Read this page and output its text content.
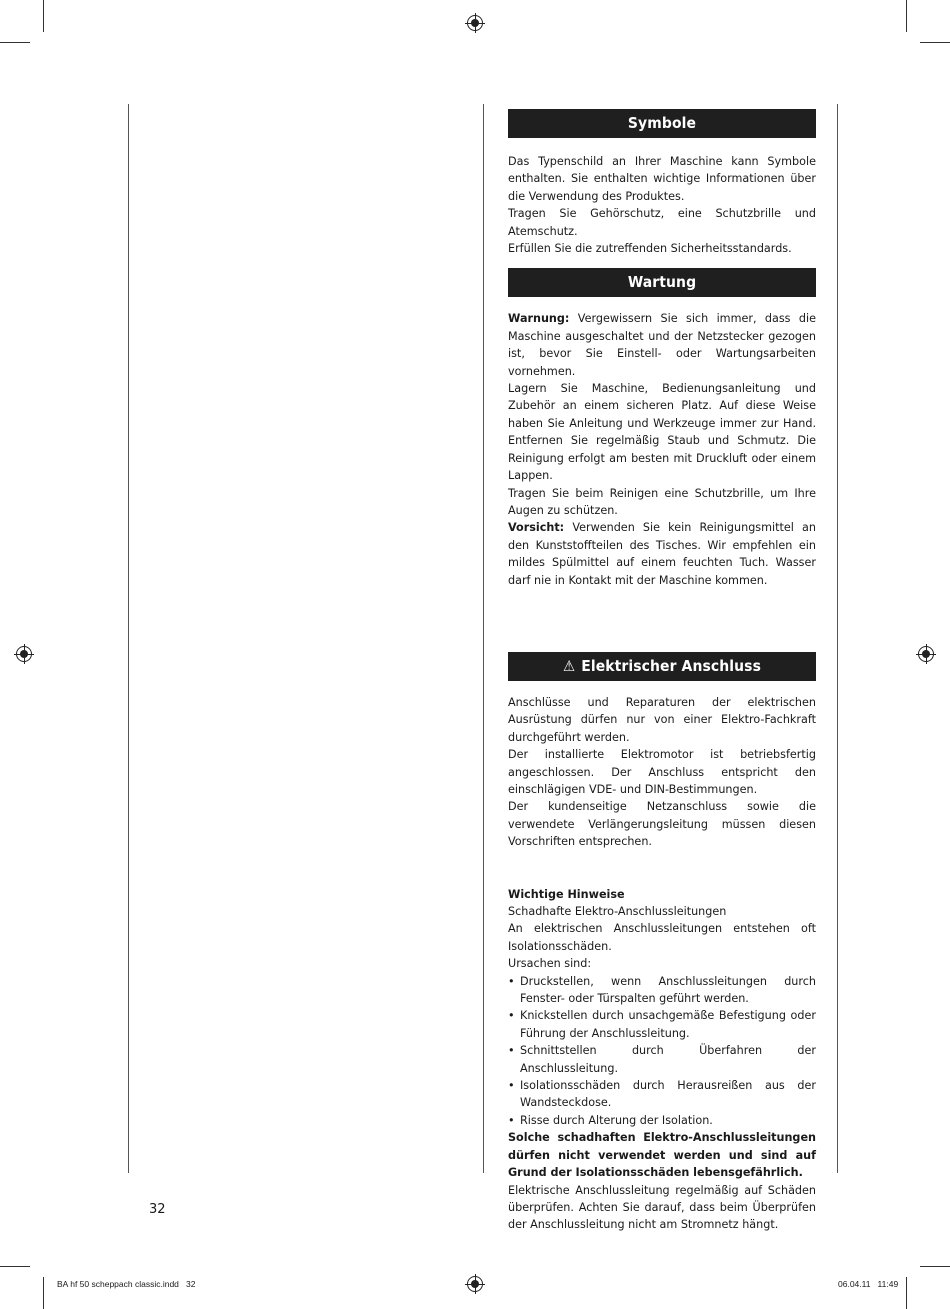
Symbole

Das Typenschild an Ihrer Maschine kann Symbole enthalten. Sie enthalten wichtige Informationen über die Verwendung des Produktes.

Tragen Sie Gehörschutz, eine Schutzbrille und Atemschutz.

Erfüllen Sie die zutreffenden Sicherheitsstandards.

Wartung

Warnung: Vergewissern Sie sich immer, dass die Maschine ausgeschaltet und der Netzstecker gezogen ist, bevor Sie Einstell- oder Wartungsarbeiten vornehmen.

Lagern Sie Maschine, Bedienungsanleitung und Zubehör an einem sicheren Platz. Auf diese Weise haben Sie Anleitung und Werkzeuge immer zur Hand. Entfernen Sie regelmäßig Staub und Schmutz. Die Reinigung erfolgt am besten mit Druckluft oder einem Lappen.

Tragen Sie beim Reinigen eine Schutzbrille, um Ihre Augen zu schützen.

Vorsicht: Verwenden Sie kein Reinigungsmittel an den Kunststoffteilen des Tisches. Wir empfehlen ein mildes Spülmittel auf einem feuchten Tuch. Wasser darf nie in Kontakt mit der Maschine kommen.

⚠ Elektrischer Anschluss

Anschlüsse und Reparaturen der elektrischen Ausrüstung dürfen nur von einer Elektro-Fachkraft durchgeführt werden.

Der installierte Elektromotor ist betriebsfertig angeschlossen. Der Anschluss entspricht den einschlägigen VDE- und DIN-Bestimmungen.

Der kundenseitige Netzanschluss sowie die verwendete Verlängerungsleitung müssen diesen Vorschriften entsprechen.

Wichtige Hinweise

Schadhafte Elektro-Anschlussleitungen

An elektrischen Anschlussleitungen entstehen oft Isolationsschäden.

Ursachen sind:

• Druckstellen, wenn Anschlussleitungen durch Fenster- oder Türspalten geführt werden.
• Knickstellen durch unsachgemäße Befestigung oder Führung der Anschlussleitung.
• Schnittstellen durch Überfahren der Anschlussleitung.
• Isolationsschäden durch Herausreißen aus der Wandsteckdose.
• Risse durch Alterung der Isolation.

Solche schadhaften Elektro-Anschlussleitungen dürfen nicht verwendet werden und sind auf Grund der Isolationsschäden lebensgefährlich.

Elektrische Anschlussleitung regelmäßig auf Schäden überprüfen. Achten Sie darauf, dass beim Überprüfen der Anschlussleitung nicht am Stromnetz hängt.

32
BA hf 50 scheppach classic.indd   32	06.04.11   11:49
